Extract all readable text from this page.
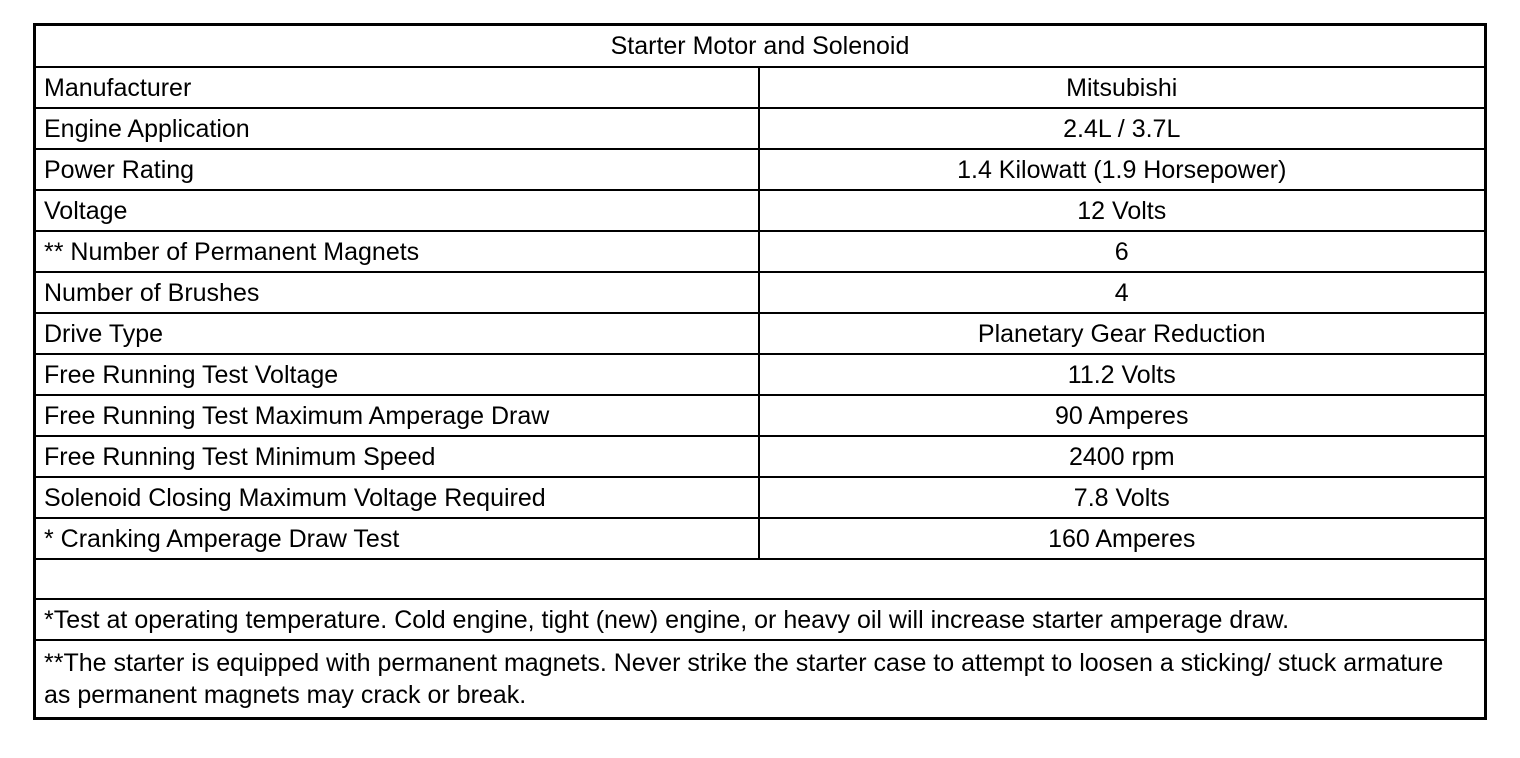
Starter Motor and Solenoid	
Manufacturer	Mitsubishi
Engine Application	2.4L / 3.7L
Power Rating	1.4 Kilowatt (1.9 Horsepower)
Voltage	12 Volts
** Number of Permanent Magnets	6
Number of Brushes	4
Drive Type	Planetary Gear Reduction
Free Running Test Voltage	11.2 Volts
Free Running Test Maximum Amperage Draw	90 Amperes
Free Running Test Minimum Speed	2400 rpm
Solenoid Closing Maximum Voltage Required	7.8 Volts
* Cranking Amperage Draw Test	160 Amperes

*Test at operating temperature. Cold engine, tight (new) engine, or heavy oil will increase starter amperage draw.	
**The starter is equipped with permanent magnets. Never strike the starter case to attempt to loosen a sticking/ stuck armature as permanent magnets may crack or break.	
